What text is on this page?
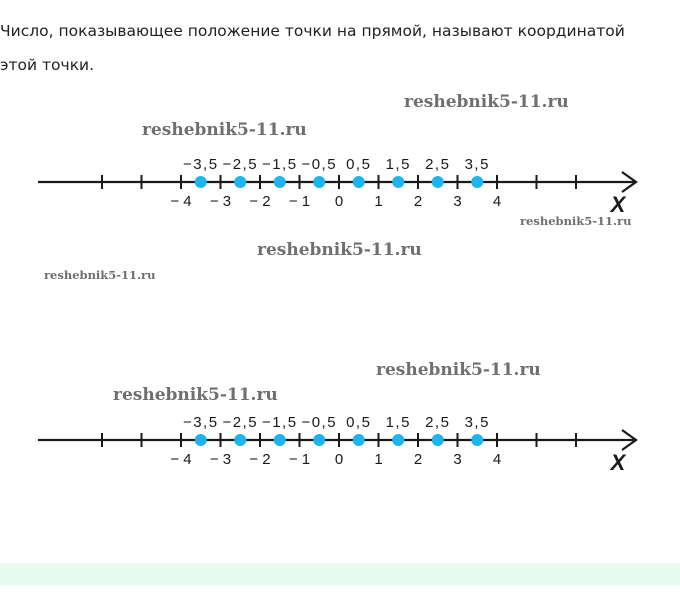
Число, показывающее положение точки на прямой, называют координатой
этой точки.
− 4 − 3 − 2 − 1 0 1 2 3 4
−3,5 −2,5 −1,5 −0,5 0,5 1,5 2,5 3,5
X
reshebnik5-11.ru
reshebnik5-11.ru
reshebnik5-11.ru
reshebnik5-11.ru
reshebnik5-11.ru
− 4 − 3 − 2 − 1 0 1 2 3 4
−3,5 −2,5 −1,5 −0,5 0,5 1,5 2,5 3,5
X
reshebnik5-11.ru
reshebnik5-11.ru
